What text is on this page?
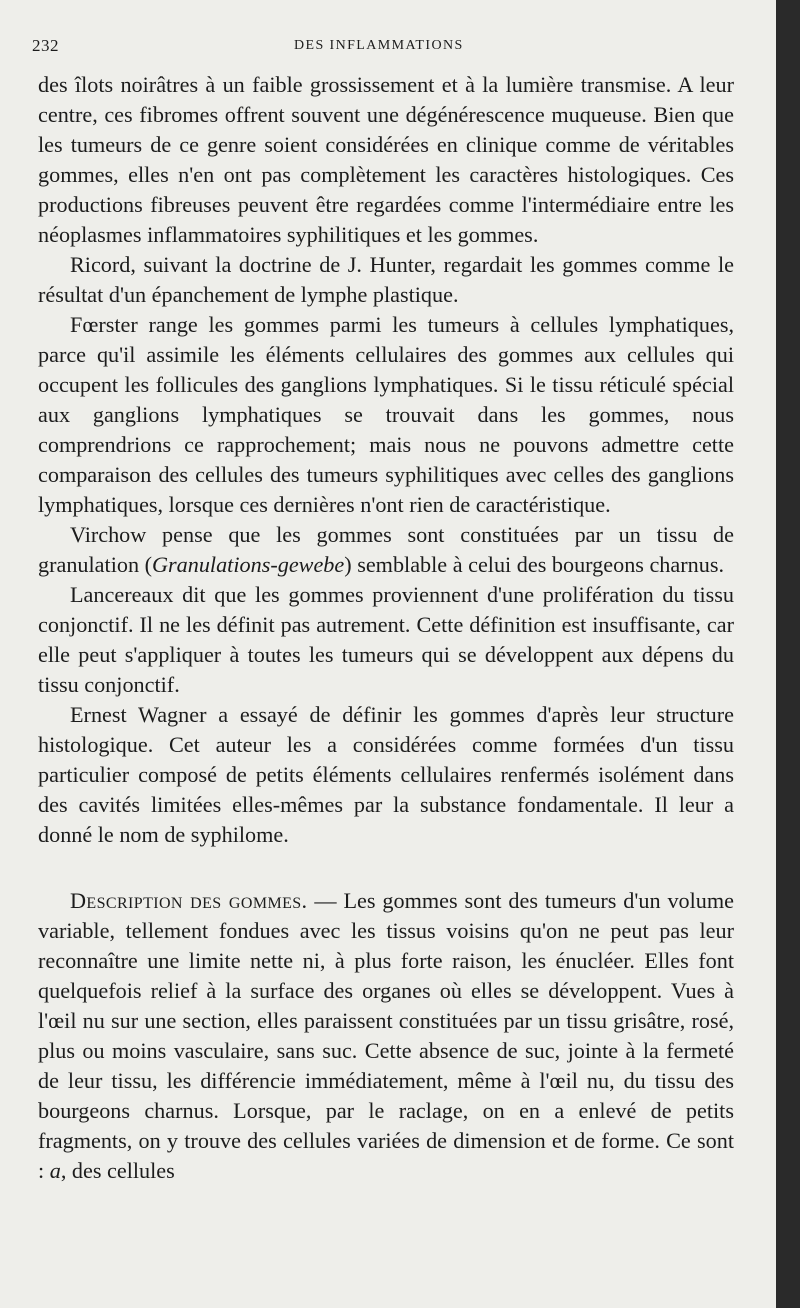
232	DES INFLAMMATIONS

des îlots noirâtres à un faible grossissement et à la lumière transmise. A leur centre, ces fibromes offrent souvent une dégénérescence muqueuse. Bien que les tumeurs de ce genre soient considérées en clinique comme de véritables gommes, elles n'en ont pas complètement les caractères histologiques. Ces productions fibreuses peuvent être regardées comme l'intermédiaire entre les néoplasmes inflammatoires syphilitiques et les gommes.

Ricord, suivant la doctrine de J. Hunter, regardait les gommes comme le résultat d'un épanchement de lymphe plastique.

Fœrster range les gommes parmi les tumeurs à cellules lymphatiques, parce qu'il assimile les éléments cellulaires des gommes aux cellules qui occupent les follicules des ganglions lymphatiques. Si le tissu réticulé spécial aux ganglions lymphatiques se trouvait dans les gommes, nous comprendrions ce rapprochement; mais nous ne pouvons admettre cette comparaison des cellules des tumeurs syphilitiques avec celles des ganglions lymphatiques, lorsque ces dernières n'ont rien de caractéristique.

Virchow pense que les gommes sont constituées par un tissu de granulation (Granulations-gewebe) semblable à celui des bourgeons charnus.

Lancereaux dit que les gommes proviennent d'une prolifération du tissu conjonctif. Il ne les définit pas autrement. Cette définition est insuffisante, car elle peut s'appliquer à toutes les tumeurs qui se développent aux dépens du tissu conjonctif.

Ernest Wagner a essayé de définir les gommes d'après leur structure histologique. Cet auteur les a considérées comme formées d'un tissu particulier composé de petits éléments cellulaires renfermés isolément dans des cavités limitées elles-mêmes par la substance fondamentale. Il leur a donné le nom de syphilome.

Description des gommes. — Les gommes sont des tumeurs d'un volume variable, tellement fondues avec les tissus voisins qu'on ne peut pas leur reconnaître une limite nette ni, à plus forte raison, les énucléer. Elles font quelquefois relief à la surface des organes où elles se développent. Vues à l'œil nu sur une section, elles paraissent constituées par un tissu grisâtre, rosé, plus ou moins vasculaire, sans suc. Cette absence de suc, jointe à la fermeté de leur tissu, les différencie immédiatement, même à l'œil nu, du tissu des bourgeons charnus. Lorsque, par le raclage, on en a enlevé de petits fragments, on y trouve des cellules variées de dimension et de forme. Ce sont : a, des cellules
